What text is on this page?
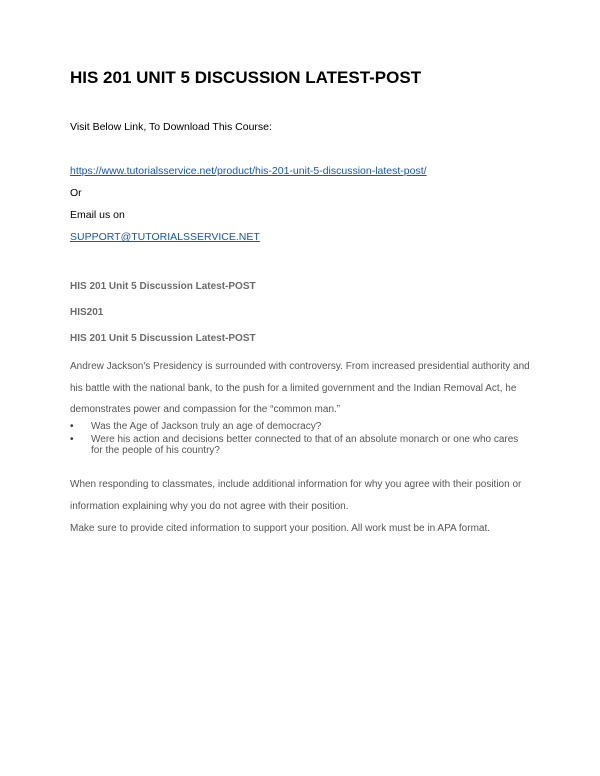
HIS 201 UNIT 5 DISCUSSION LATEST-POST
Visit Below Link, To Download This Course:
https://www.tutorialsservice.net/product/his-201-unit-5-discussion-latest-post/
Or
Email us on
SUPPORT@TUTORIALSSERVICE.NET
HIS 201 Unit 5 Discussion Latest-POST
HIS201
HIS 201 Unit 5 Discussion Latest-POST

Andrew Jackson's Presidency is surrounded with controversy. From increased presidential authority and his battle with the national bank, to the push for a limited government and the Indian Removal Act, he demonstrates power and compassion for the “common man.”

• Was the Age of Jackson truly an age of democracy?
• Were his action and decisions better connected to that of an absolute monarch or one who cares for the people of his country?

When responding to classmates, include additional information for why you agree with their position or information explaining why you do not agree with their position.

Make sure to provide cited information to support your position. All work must be in APA format.
